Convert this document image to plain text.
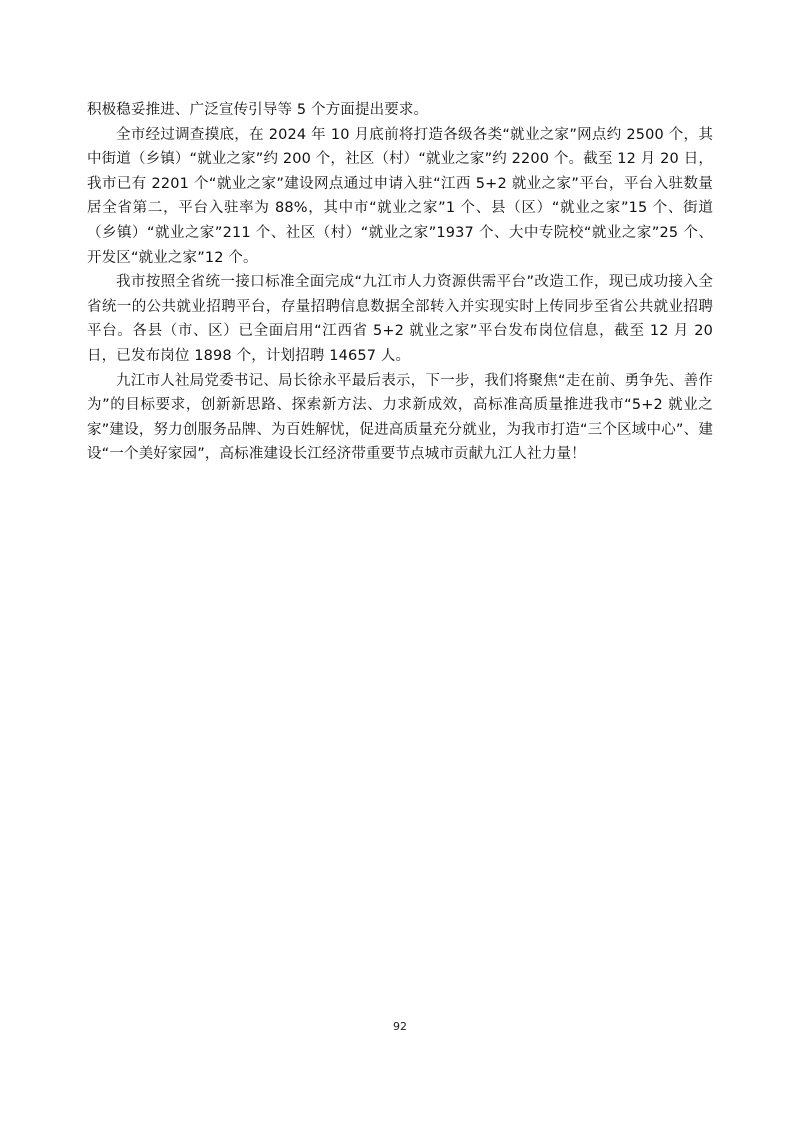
积极稳妥推进、广泛宣传引导等 5 个方面提出要求。

全市经过调查摸底，在 2024 年 10 月底前将打造各级各类“就业之家”网点约 2500 个，其中街道（乡镇）“就业之家”约 200 个，社区（村）“就业之家”约 2200 个。截至 12 月 20 日，我市已有 2201 个“就业之家”建设网点通过申请入驻“江西 5+2 就业之家”平台，平台入驻数量居全省第二，平台入驻率为 88%，其中市“就业之家”1 个、县（区）“就业之家”15 个、街道（乡镇）“就业之家”211 个、社区（村）“就业之家”1937 个、大中专院校“就业之家”25 个、开发区“就业之家”12 个。

我市按照全省统一接口标准全面完成“九江市人力资源供需平台”改造工作，现已成功接入全省统一的公共就业招聘平台，存量招聘信息数据全部转入并实现实时上传同步至省公共就业招聘平台。各县（市、区）已全面启用“江西省 5+2 就业之家”平台发布岗位信息，截至 12 月 20 日，已发布岗位 1898 个，计划招聘 14657 人。

九江市人社局党委书记、局长徐永平最后表示，下一步，我们将聚焦“走在前、勇争先、善作为”的目标要求，创新新思路、探索新方法、力求新成效，高标准高质量推进我市“5+2 就业之家”建设，努力创服务品牌、为百姓解忧，促进高质量充分就业，为我市打造“三个区域中心”、建设“一个美好家园”，高标准建设长江经济带重要节点城市贡献九江人社力量！

92
